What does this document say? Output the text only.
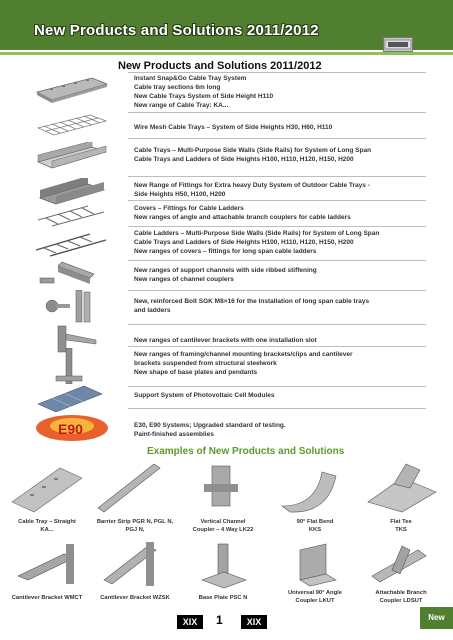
New Products and Solutions 2011/2012
New Products and Solutions 2011/2012
Instant Snap&Go Cable Tray System
Cable tray sections 6m long
New Cable Trays System of Side Height H110
New range of Cable Tray: KA...
Wire Mesh Cable Trays – System of Side Heights H30, H60, H110
Cable Trays – Multi-Purpose Side Walls (Side Rails) for System of Long Span
Cable Trays and Ladders of Side Heights H100, H110, H120, H150, H200
New Range of Fittings for Extra heavy Duty System of Outdoor Cable Trays -
Side Heights H50, H100, H200
Covers – Fittings for Cable Ladders
New ranges of angle and attachable branch couplers for cable ladders
Cable Ladders – Multi-Purpose Side Walls (Side Rails) for System of Long Span
Cable Trays and Ladders of Side Heights H100, H110, H120, H150, H200
New ranges of covers – fittings for long span cable ladders
New ranges of support channels with side ribbed stiffening
New ranges of channel couplers
New, reinforced Bolt SGK M8×16 for the Installation of long span cable trays
and ladders
New ranges of cantilever brackets with one installation slot
New ranges of framing/channel mounting brackets/clips and cantilever
brackets suspended from structural steelwork
New shape of base plates and pendants
Support System of Photovoltaic Cell Modules
E90	E30, E90 Systems; Upgraded standard of testing.
Paint-finished assemblies
Examples of New Products and Solutions
Cable Tray – Straight
KA...
Barrier Strip PGR N, PGL N,
PGJ N,
Vertical Channel
Coupler – 4 Way LK22
90° Flat Bend
KKS
Flat Tee
TKS
Cantilever Bracket WMCT	Cantilever Bracket WZSK	Base Plate PSC N
Universal 90° Angle
Coupler LKUT
Attachable Branch
Coupler LDSUT
XIX	1	XIX	New
